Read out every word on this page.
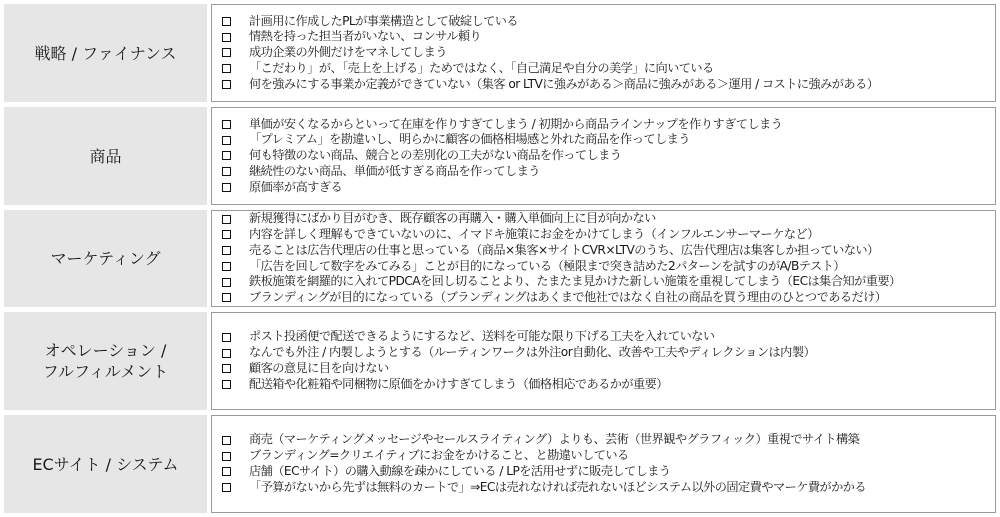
戦略 / ファイナンス
計画用に作成したPLが事業構造として破綻している
情熱を持った担当者がいない、コンサル頼り
成功企業の外側だけをマネしてしまう
「こだわり」が、「売上を上げる」ためではなく、「自己満足や自分の美学」に向いている
何を強みにする事業か定義ができていない（集客 or LTVに強みがある＞商品に強みがある＞運用 / コストに強みがある）
商品
単価が安くなるからといって在庫を作りすぎてしまう / 初期から商品ラインナップを作りすぎてしまう
「プレミアム」を勘違いし、明らかに顧客の価格相場感と外れた商品を作ってしまう
何も特徴のない商品、競合との差別化の工夫がない商品を作ってしまう
継続性のない商品、単価が低すぎる商品を作ってしまう
原価率が高すぎる
マーケティング
新規獲得にばかり目がむき、既存顧客の再購入・購入単価向上に目が向かない
内容を詳しく理解もできていないのに、イマドキ施策にお金をかけてしまう（インフルエンサーマーケなど）
売ることは広告代理店の仕事と思っている（商品×集客×サイトCVR×LTVのうち、広告代理店は集客しか担っていない）
「広告を回して数字をみてみる」ことが目的になっている（極限まで突き詰めた2パターンを試すのがA/Bテスト）
鉄板施策を網羅的に入れてPDCAを回し切ることより、たまたま見かけた新しい施策を重視してしまう（ECは集合知が重要）
ブランディングが目的になっている（ブランディングはあくまで他社ではなく自社の商品を買う理由のひとつであるだけ）
オペレーション /
フルフィルメント
ポスト投函便で配送できるようにするなど、送料を可能な限り下げる工夫を入れていない
なんでも外注 / 内製しようとする（ルーティンワークは外注or自動化、改善や工夫やディレクションは内製）
顧客の意見に目を向けない
配送箱や化粧箱や同梱物に原価をかけすぎてしまう（価格相応であるかが重要）
ECサイト / システム
商売（マーケティングメッセージやセールスライティング）よりも、芸術（世界観やグラフィック）重視でサイト構築
ブランディング=クリエイティブにお金をかけること、と勘違いしている
店舗（ECサイト）の購入動線を疎かにしている / LPを活用せずに販売してしまう
「予算がないから先ずは無料のカートで」⇒ECは売れなければ売れないほどシステム以外の固定費やマーケ費がかかる
